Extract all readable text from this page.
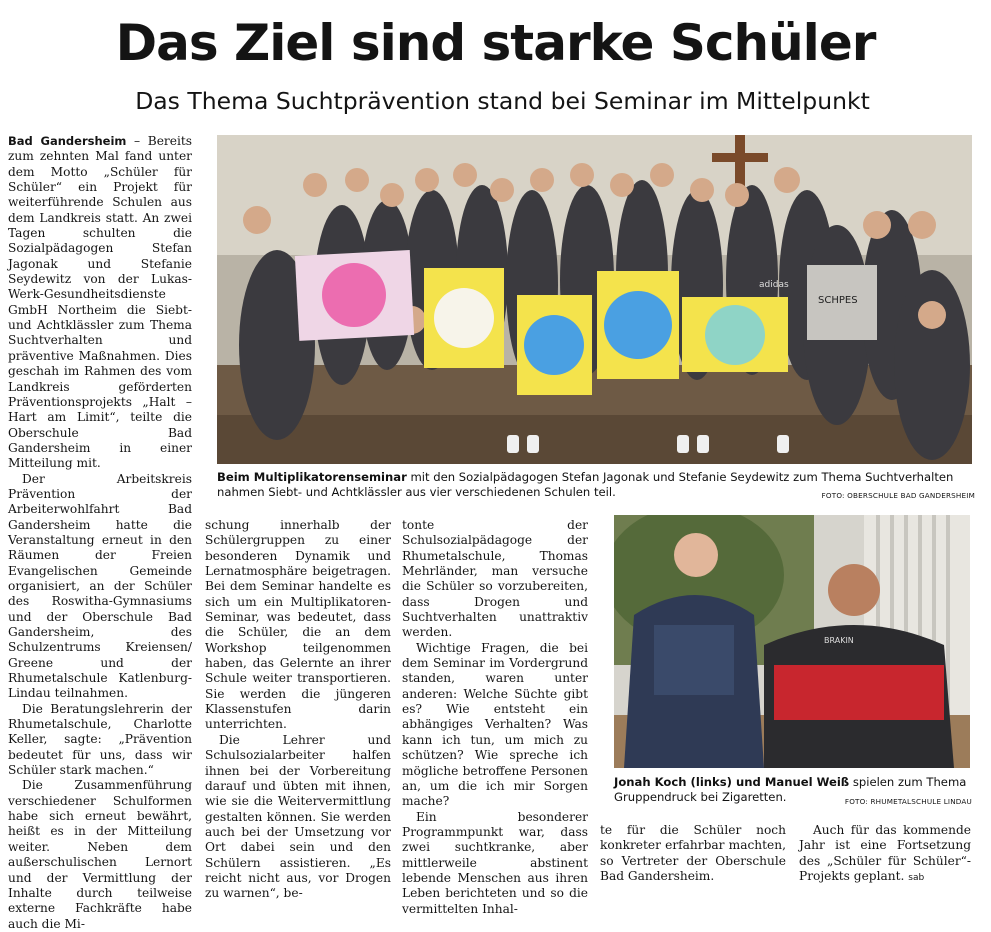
Das Ziel sind starke Schüler
Das Thema Suchtprävention stand bei Seminar im Mittelpunkt

Bad Gandersheim – Bereits zum zehnten Mal fand unter dem Motto „Schüler für Schüler“ ein Projekt für weiterführende Schulen aus dem Landkreis statt. An zwei Tagen schulten die Sozialpädagogen Stefan Jagonak und Stefanie Seydewitz von der Lukas-Werk-Gesundheitsdienste GmbH Northeim die Siebt- und Achtklässler zum Thema Suchtverhalten und präventive Maßnahmen. Dies geschah im Rahmen des vom Landkreis geförderten Präventionsprojekts „Halt – Hart am Limit“, teilte die Oberschule Bad Gandersheim in einer Mitteilung mit.

Der Arbeitskreis Prävention der Arbeiterwohlfahrt Bad Gandersheim hatte die Veranstaltung erneut in den Räumen der Freien Evangelischen Gemeinde organisiert, an der Schüler des Roswitha-Gymnasiums und der Oberschule Bad Gandersheim, des Schulzentrums Kreiensen/ Greene und der Rhumetalschule Katlenburg-Lindau teilnahmen.

Die Beratungslehrerin der Rhumetalschule, Charlotte Keller, sagte: „Prävention bedeutet für uns, dass wir Schüler stark machen.“

Die Zusammenführung verschiedener Schulformen habe sich erneut bewährt, heißt es in der Mitteilung weiter. Neben dem außerschulischen Lernort und der Vermittlung der Inhalte durch teilweise externe Fachkräfte habe auch die Mi-

SCHPES
adidas
Beim Multiplikatorenseminar mit den Sozialpädagogen Stefan Jagonak und Stefanie Seydewitz zum Thema Suchtverhalten nahmen Siebt- und Achtklässler aus vier verschiedenen Schulen teil.	FOTO: OBERSCHULE BAD GANDERSHEIM

schung innerhalb der Schülergruppen zu einer besonderen Dynamik und Lernatmosphäre beigetragen. Bei dem Seminar handelte es sich um ein Multiplikatoren-Seminar, was bedeutet, dass die Schüler, die an dem Workshop teilgenommen haben, das Gelernte an ihrer Schule weiter transportieren. Sie werden die jüngeren Klassenstufen darin unterrichten.

Die Lehrer und Schulsozialarbeiter halfen ihnen bei der Vorbereitung darauf und übten mit ihnen, wie sie die Weitervermittlung gestalten können. Sie werden auch bei der Umsetzung vor Ort dabei sein und den Schülern assistieren. „Es reicht nicht aus, vor Drogen zu warnen“, be-

tonte der Schulsozialpädagoge der Rhumetalschule, Thomas Mehrländer, man versuche die Schüler so vorzubereiten, dass Drogen und Suchtverhalten unattraktiv werden.

Wichtige Fragen, die bei dem Seminar im Vordergrund standen, waren unter anderen: Welche Süchte gibt es? Wie entsteht ein abhängiges Verhalten? Was kann ich tun, um mich zu schützen? Wie spreche ich mögliche betroffene Personen an, um die ich mir Sorgen mache?

Ein besonderer Programmpunkt war, dass zwei suchtkranke, aber mittlerweile abstinent lebende Menschen aus ihren Leben berichteten und so die vermittelten Inhal-

BRAKIN
Jonah Koch (links) und Manuel Weiß spielen zum Thema Gruppendruck bei Zigaretten.	FOTO: RHUMETALSCHULE LINDAU

te für die Schüler noch konkreter erfahrbar machten, so Vertreter der Oberschule Bad Gandersheim.

Auch für das kommende Jahr ist eine Fortsetzung des „Schüler für Schüler“-Projekts geplant. sab
